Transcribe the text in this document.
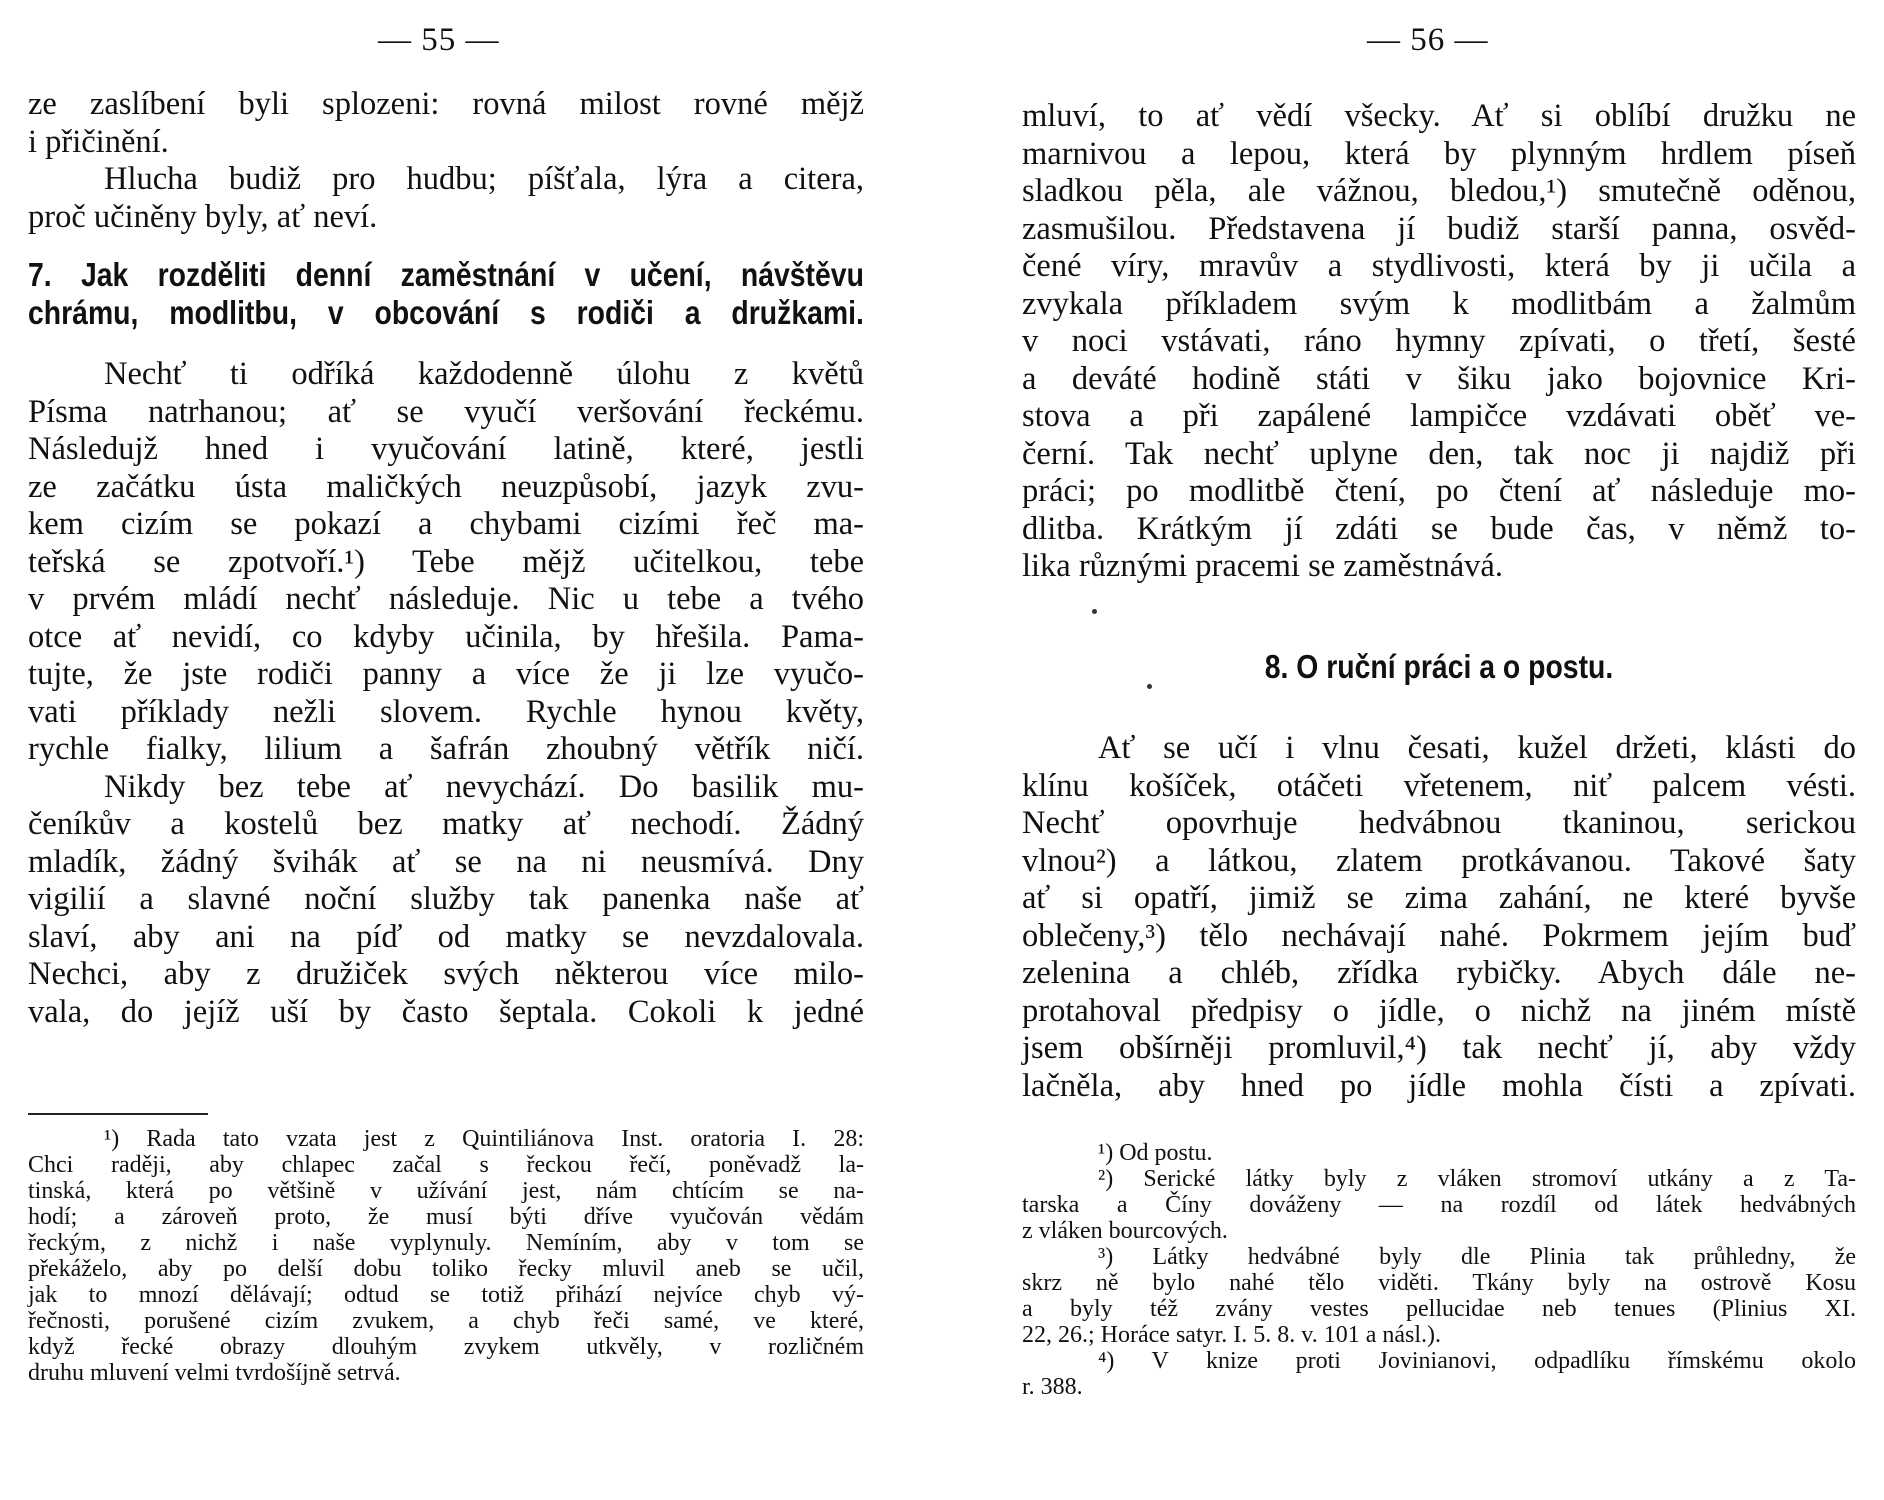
— 55 —
ze zaslíbení byli splozeni: rovná milost rovné mějž
i přičinění.
Hlucha budiž pro hudbu; píšťala, lýra a citera,
proč učiněny byly, ať neví.
7. Jak rozděliti denní zaměstnání v učení, návštěvu
chrámu, modlitbu, v obcování s rodiči a družkami.
Nechť ti odříká každodenně úlohu z květů
Písma natrhanou; ať se vyučí veršování řeckému.
Následujž hned i vyučování latině, které, jestli
ze začátku ústa maličkých neuzpůsobí, jazyk zvu-
kem cizím se pokazí a chybami cizími řeč ma-
teřská se zpotvoří.¹) Tebe mějž učitelkou, tebe
v prvém mládí nechť následuje. Nic u tebe a tvého
otce ať nevidí, co kdyby učinila, by hřešila. Pama-
tujte, že jste rodiči panny a více že ji lze vyučo-
vati příklady nežli slovem. Rychle hynou květy,
rychle fialky, lilium a šafrán zhoubný větřík ničí.
Nikdy bez tebe ať nevychází. Do basilik mu-
čeníkův a kostelů bez matky ať nechodí. Žádný
mladík, žádný švihák ať se na ni neusmívá. Dny
vigilií a slavné noční služby tak panenka naše ať
slaví, aby ani na píď od matky se nevzdalovala.
Nechci, aby z družiček svých některou více milo-
vala, do jejíž uší by často šeptala. Cokoli k jedné
¹) Rada tato vzata jest z Quintiliánova Inst. oratoria I. 28:
Chci raději, aby chlapec začal s řeckou řečí, poněvadž la-
tinská, která po většině v užívání jest, nám chtícím se na-
hodí; a zároveň proto, že musí býti dříve vyučován vědám
řeckým, z nichž i naše vyplynuly. Nemíním, aby v tom se
překáželo, aby po delší dobu toliko řecky mluvil aneb se učil,
jak to mnozí dělávají; odtud se totiž přihází nejvíce chyb vý-
řečnosti, porušené cizím zvukem, a chyb řeči samé, ve které,
když řecké obrazy dlouhým zvykem utkvěly, v rozličném
druhu mluvení velmi tvrdošíjně setrvá.
— 56 —
mluví, to ať vědí všecky. Ať si oblíbí družku ne
marnivou a lepou, která by plynným hrdlem píseň
sladkou pěla, ale vážnou, bledou,¹) smutečně oděnou,
zasmušilou. Představena jí budiž starší panna, osvěd-
čené víry, mravův a stydlivosti, která by ji učila a
zvykala příkladem svým k modlitbám a žalmům
v noci vstávati, ráno hymny zpívati, o třetí, šesté
a deváté hodině státi v šiku jako bojovnice Kri-
stova a při zapálené lampičce vzdávati oběť ve-
černí. Tak nechť uplyne den, tak noc ji najdiž při
práci; po modlitbě čtení, po čtení ať následuje mo-
dlitba. Krátkým jí zdáti se bude čas, v němž to-
lika různými pracemi se zaměstnává.
8. O ruční práci a o postu.
Ať se učí i vlnu česati, kužel držeti, klásti do
klínu košíček, otáčeti vřetenem, niť palcem vésti.
Nechť opovrhuje hedvábnou tkaninou, serickou
vlnou²) a látkou, zlatem protkávanou. Takové šaty
ať si opatří, jimiž se zima zahání, ne které byvše
oblečeny,³) tělo nechávají nahé. Pokrmem jejím buď
zelenina a chléb, zřídka rybičky. Abych dále ne-
protahoval předpisy o jídle, o nichž na jiném místě
jsem obšírněji promluvil,⁴) tak nechť jí, aby vždy
lačněla, aby hned po jídle mohla čísti a zpívati.
¹) Od postu.
²) Serické látky byly z vláken stromoví utkány a z Ta-
tarska a Číny dováženy — na rozdíl od látek hedvábných
z vláken bourcových.
³) Látky hedvábné byly dle Plinia tak průhledny, že
skrz ně bylo nahé tělo viděti. Tkány byly na ostrově Kosu
a byly též zvány vestes pellucidae neb tenues (Plinius XI.
22, 26.; Horáce satyr. I. 5. 8. v. 101 a násl.).
⁴) V knize proti Jovinianovi, odpadlíku římskému okolo
r. 388.
